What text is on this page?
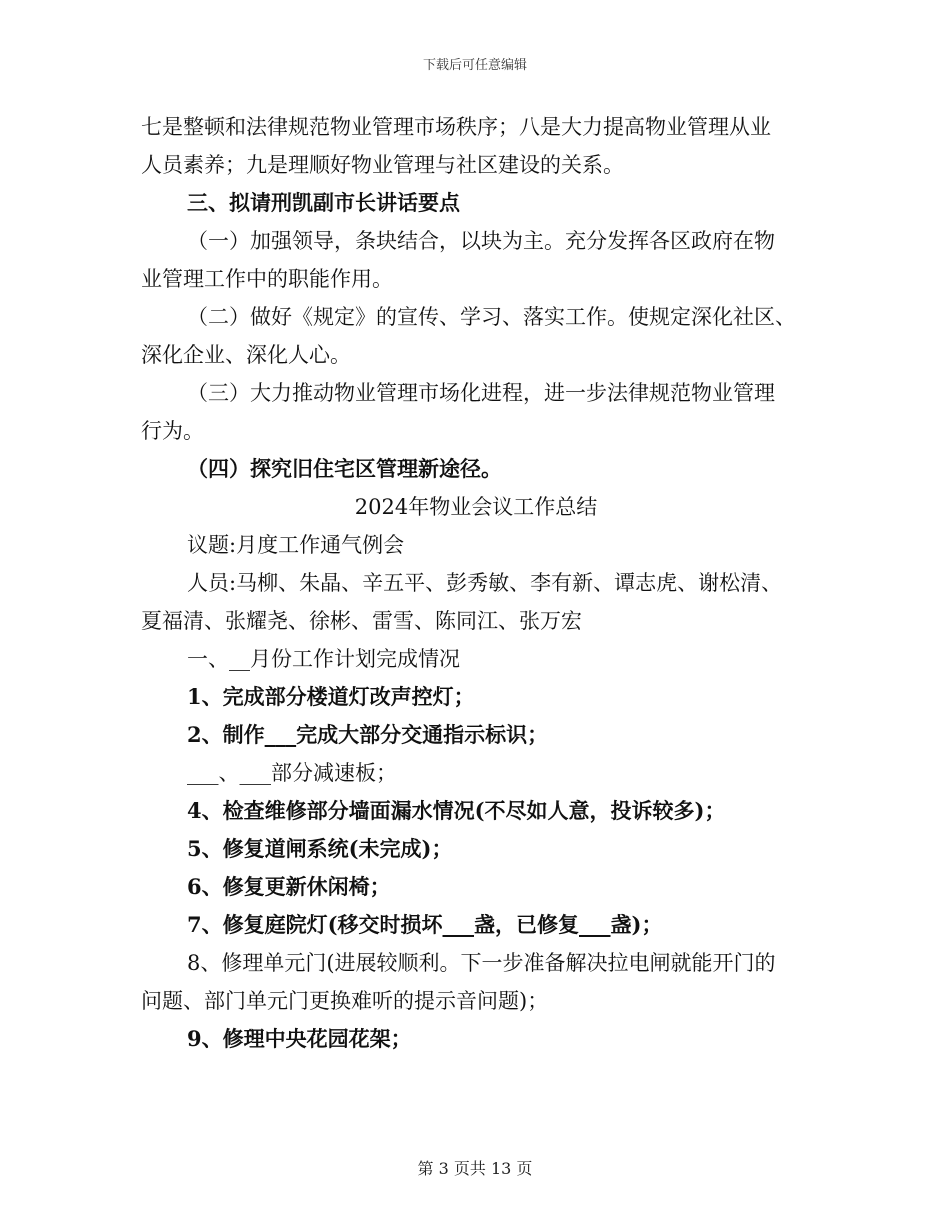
下载后可任意编辑
七是整顿和法律规范物业管理市场秩序；八是大力提高物业管理从业
人员素养；九是理顺好物业管理与社区建设的关系。
三、拟请刑凯副市长讲话要点
（一）加强领导，条块结合，以块为主。充分发挥各区政府在物
业管理工作中的职能作用。
（二）做好《规定》的宣传、学习、落实工作。使规定深化社区、
深化企业、深化人心。
（三）大力推动物业管理市场化进程，进一步法律规范物业管理
行为。
（四）探究旧住宅区管理新途径。
2024年物业会议工作总结
议题:月度工作通气例会
人员:马柳、朱晶、辛五平、彭秀敏、李有新、谭志虎、谢松清、
夏福清、张耀尧、徐彬、雷雪、陈同江、张万宏
一、__月份工作计划完成情况
1、完成部分楼道灯改声控灯；
2、制作___完成大部分交通指示标识；
___、___部分减速板；
4、检查维修部分墙面漏水情况(不尽如人意，投诉较多)；
5、修复道闸系统(未完成)；
6、修复更新休闲椅；
7、修复庭院灯(移交时损坏___盏，已修复___盏)；
8、修理单元门(进展较顺利。下一步准备解决拉电闸就能开门的
问题、部门单元门更换难听的提示音问题)；
9、修理中央花园花架；
第 3 页共 13 页
